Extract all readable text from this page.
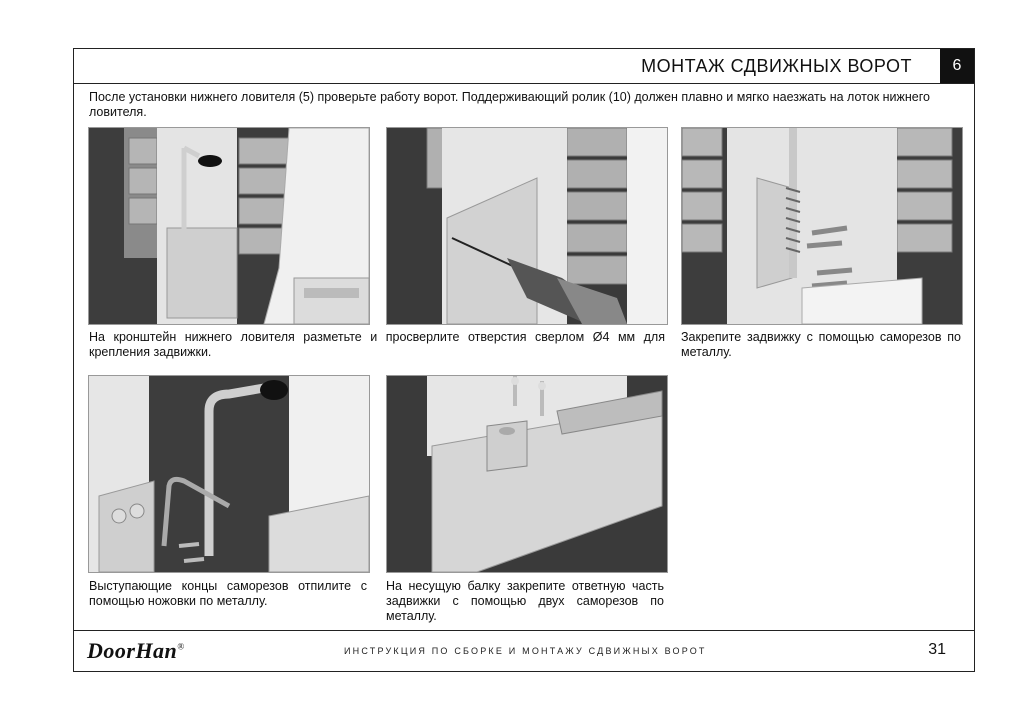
МОНТАЖ СДВИЖНЫХ ВОРОТ	6
После установки нижнего ловителя (5) проверьте работу ворот. Поддерживающий ролик (10) должен плавно и мягко наезжать на лоток нижнего ловителя.
На кронштейн нижнего ловителя разметьте и просверлите отверстия сверлом Ø4 мм для крепления задвижки.
Закрепите задвижку с помощью саморезов по металлу.
Выступающие концы саморезов отпилите с помощью ножовки по металлу.
На несущую балку закрепите ответную часть задвижки с помощью двух саморезов по металлу.
DoorHan®	ИНСТРУКЦИЯ ПО СБОРКЕ И МОНТАЖУ СДВИЖНЫХ ВОРОТ	31
